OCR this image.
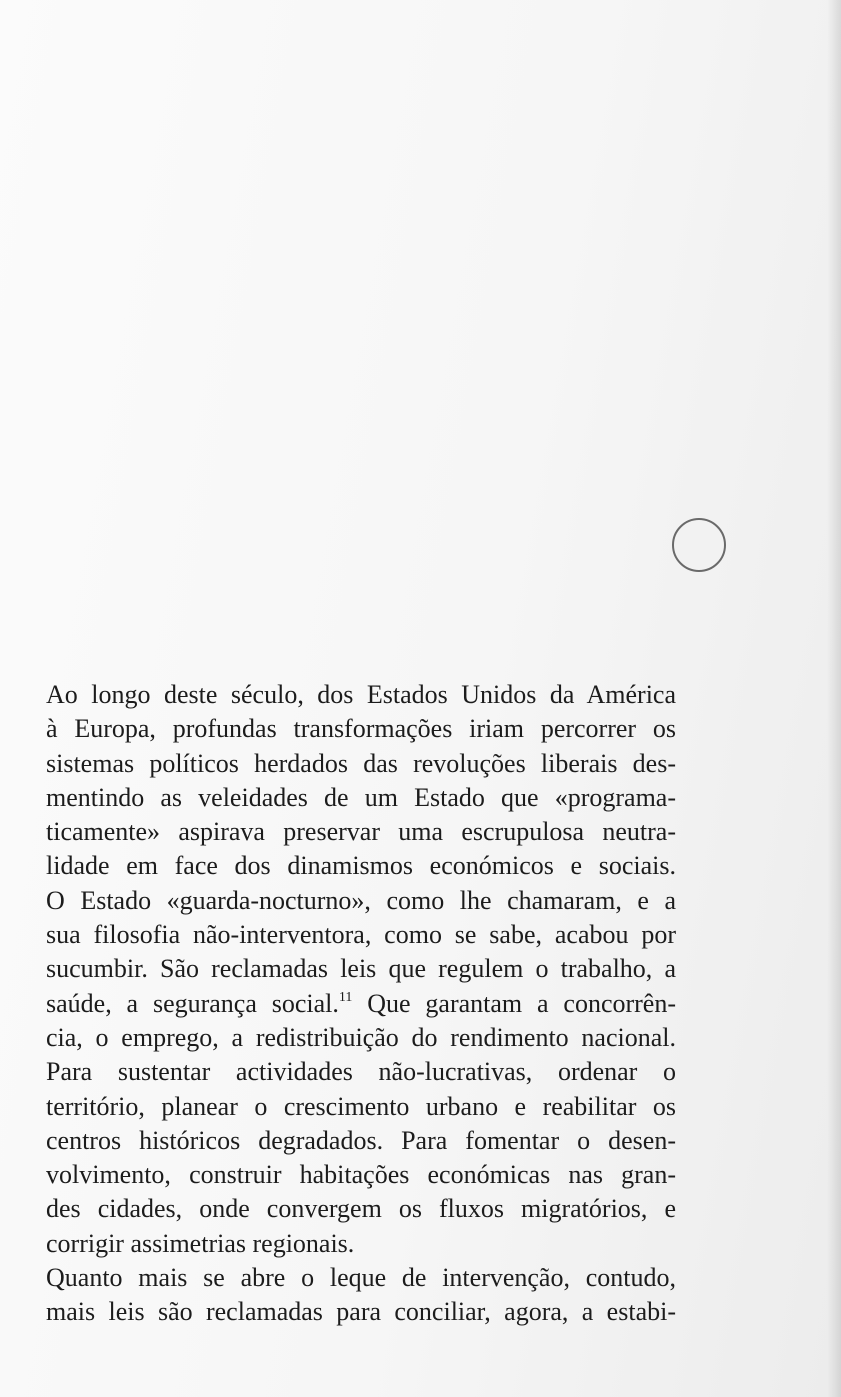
Ao longo deste século, dos Estados Unidos da América
à Europa, profundas transformações iriam percorrer os
sistemas políticos herdados das revoluções liberais des-
mentindo as veleidades de um Estado que «programa-
ticamente» aspirava preservar uma escrupulosa neutra-
lidade em face dos dinamismos económicos e sociais.
O Estado «guarda-nocturno», como lhe chamaram, e a
sua filosofia não-interventora, como se sabe, acabou por
sucumbir. São reclamadas leis que regulem o trabalho, a
saúde, a segurança social.$^{11}$ Que garantam a concorrên-
cia, o emprego, a redistribuição do rendimento nacional.
Para sustentar actividades não-lucrativas, ordenar o
território, planear o crescimento urbano e reabilitar os
centros históricos degradados. Para fomentar o desen-
volvimento, construir habitações económicas nas gran-
des cidades, onde convergem os fluxos migratórios, e
corrigir assimetrias regionais.

Quanto mais se abre o leque de intervenção, contudo,
mais leis são reclamadas para conciliar, agora, a estabi-
